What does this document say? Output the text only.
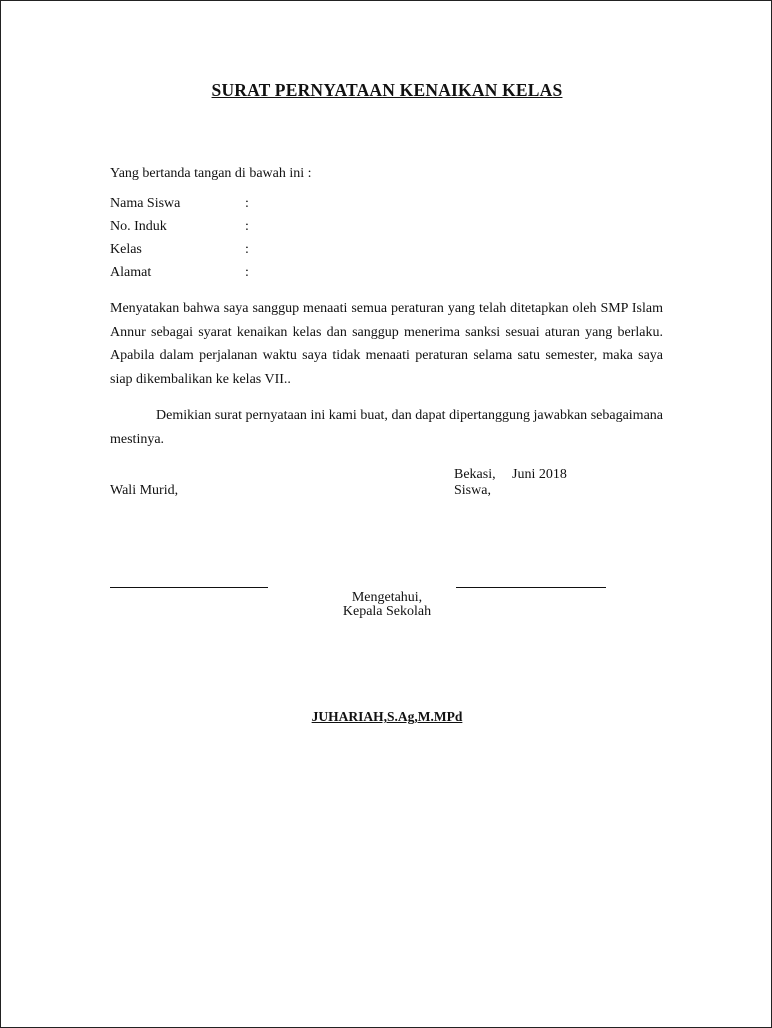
SURAT PERNYATAAN KENAIKAN KELAS
Yang bertanda tangan di bawah ini :
Nama Siswa	:
No. Induk	:
Kelas	:
Alamat	:
Menyatakan bahwa saya sanggup menaati semua peraturan yang telah ditetapkan oleh SMP Islam Annur sebagai syarat kenaikan kelas dan sanggup menerima sanksi sesuai aturan yang berlaku. Apabila dalam perjalanan waktu saya tidak menaati peraturan selama satu semester, maka saya siap dikembalikan ke kelas VII..
Demikian surat pernyataan ini kami buat, dan dapat dipertanggung jawabkan sebagaimana mestinya.
Bekasi, Juni 2018
Wali Murid,	Siswa,
Mengetahui,
Kepala Sekolah
JUHARIAH,S.Ag,M.MPd
